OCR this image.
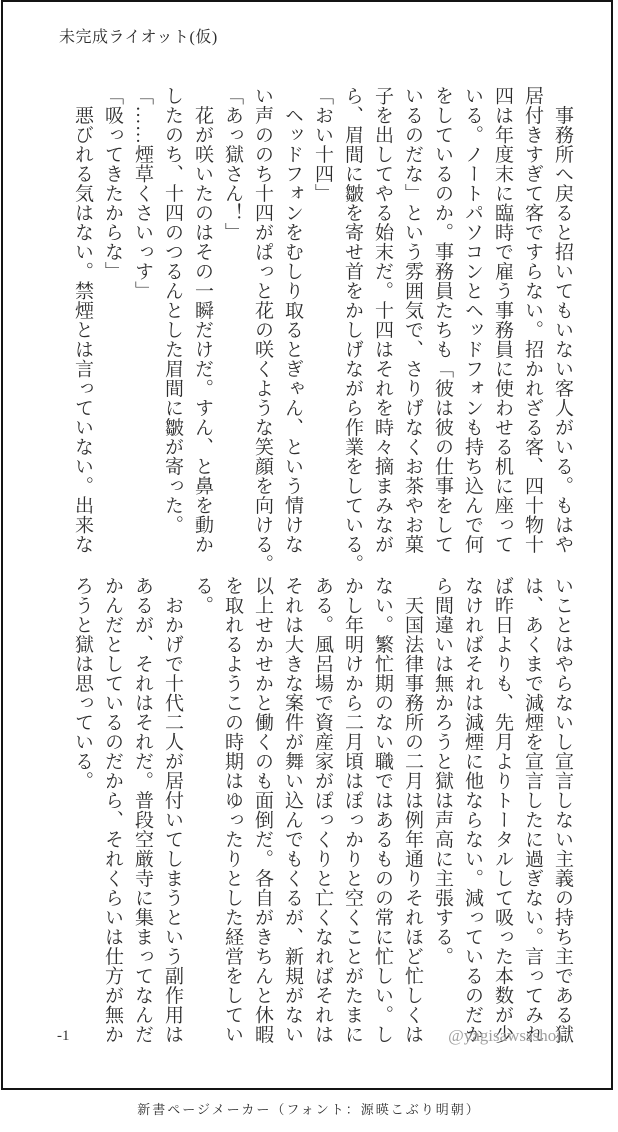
未完成ライオット(仮)
　事務所へ戻ると招いてもいない客人がいる。もはや
居付きすぎて客ですらない。招かれざる客、四十物十
四は年度末に臨時で雇う事務員に使わせる机に座って
いる。ノートパソコンとヘッドフォンも持ち込んで何
をしているのか。事務員たちも「彼は彼の仕事をして
いるのだな」という雰囲気で、さりげなくお茶やお菓
子を出してやる始末だ。十四はそれを時々摘まみなが
ら、眉間に皺を寄せ首をかしげながら作業をしている。
「おい十四」
　ヘッドフォンをむしり取るとぎゃん、という情けな
い声ののち十四がぱっと花の咲くような笑顔を向ける。
「あっ獄さん！」
　花が咲いたのはその一瞬だけだ。すん、と鼻を動か
したのち、十四のつるんとした眉間に皺が寄った。
「……煙草くさいっす」
「吸ってきたからな」
　悪びれる気はない。禁煙とは言っていない。出来な
いことはやらないし宣言しない主義の持ち主である獄
は、あくまで減煙を宣言したに過ぎない。言ってみれ
ば昨日よりも、先月よりトータルして吸った本数が少
なければそれは減煙に他ならない。減っているのだか
ら間違いは無かろうと獄は声高に主張する。
　天国法律事務所の二月は例年通りそれほど忙しくは
ない。繁忙期のない職ではあるものの常に忙しい。し
かし年明けから二月頃はぽっかりと空くことがたまに
ある。風呂場で資産家がぽっくりと亡くなればそれは
それは大きな案件が舞い込んでもくるが、新規がない
以上せかせかと働くのも面倒だ。各自がきちんと休暇
を取れるようこの時期はゆったりとした経営をしてい
る。
　おかげで十代二人が居付いてしまうという副作用は
あるが、それはそれだ。普段空厳寺に集まってなんだ
かんだとしているのだから、それくらいは仕方が無か
ろうと獄は思っている。
-1	@yagisawssshoi
新書ページメーカー（フォント：源暎こぶり明朝）
